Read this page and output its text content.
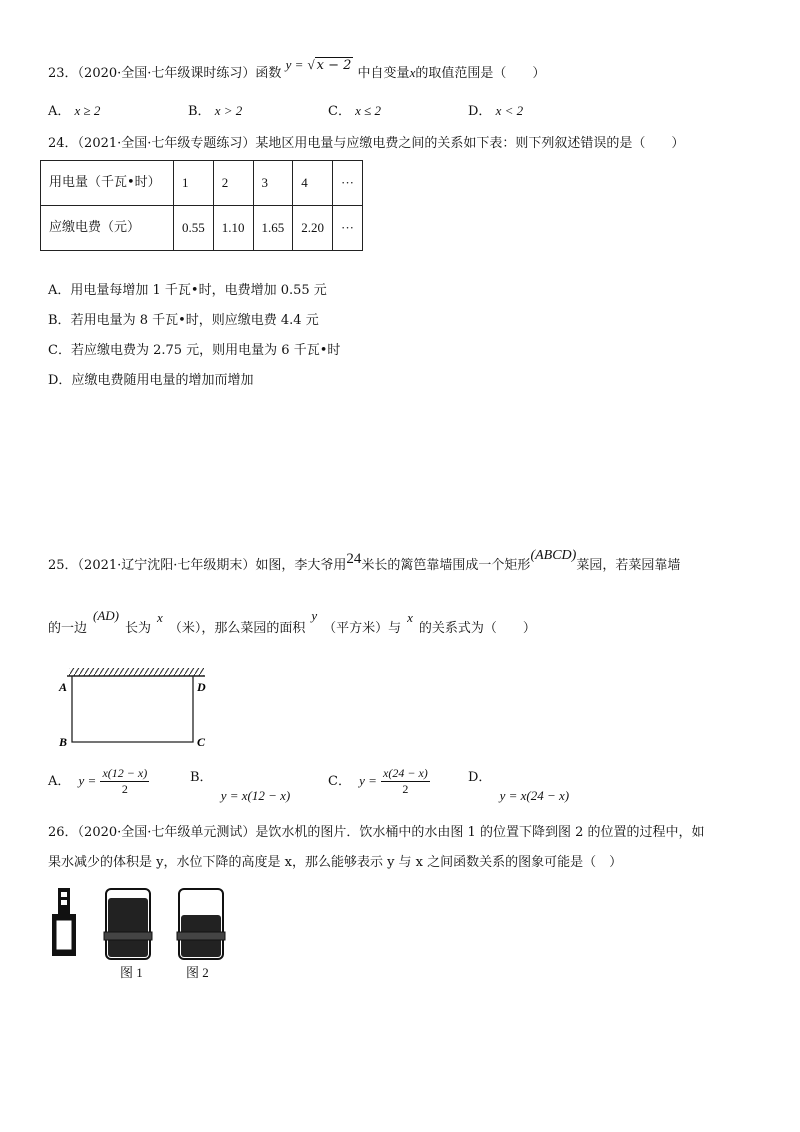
23．（2020·全国·七年级课时练习）函数 y = √ x − 2 中自变量x的取值范围是（　　）
A． x ≥ 2	B． x > 2	C． x ≤ 2	D． x < 2
24．（2021·全国·七年级专题练习）某地区用电量与应缴电费之间的关系如下表：则下列叙述错误的是（　　）
用电量（千瓦•时）	1	2	3	4	···
应缴电费（元）	0.55	1.10	1.65	2.20	···
A．用电量每增加 1 千瓦•时，电费增加 0.55 元
B．若用电量为 8 千瓦•时，则应缴电费 4.4 元
C．若应缴电费为 2.75 元，则用电量为 6 千瓦•时
D．应缴电费随用电量的增加而增加
25．（2021·辽宁沈阳·七年级期末）如图，李大爷用24米长的篱笆靠墙围成一个矩形(ABCD)菜园，若菜园靠墙
的一边(AD)长为x（米），那么菜园的面积y（平方米）与x的关系式为（　　）
A	D
B	C
A． $y = \frac{x(12 - x)}{2}$	B． y = x(12 − x)
C． $y = \frac{x(24 - x)}{2}$	D． y = x(24 − x)
26．（2020·全国·七年级单元测试）是饮水机的图片．饮水桶中的水由图 1 的位置下降到图 2 的位置的过程中，如
果水减少的体积是 y，水位下降的高度是 x，那么能够表示 y 与 x 之间函数关系的图象可能是（　）
图 1	图 2
